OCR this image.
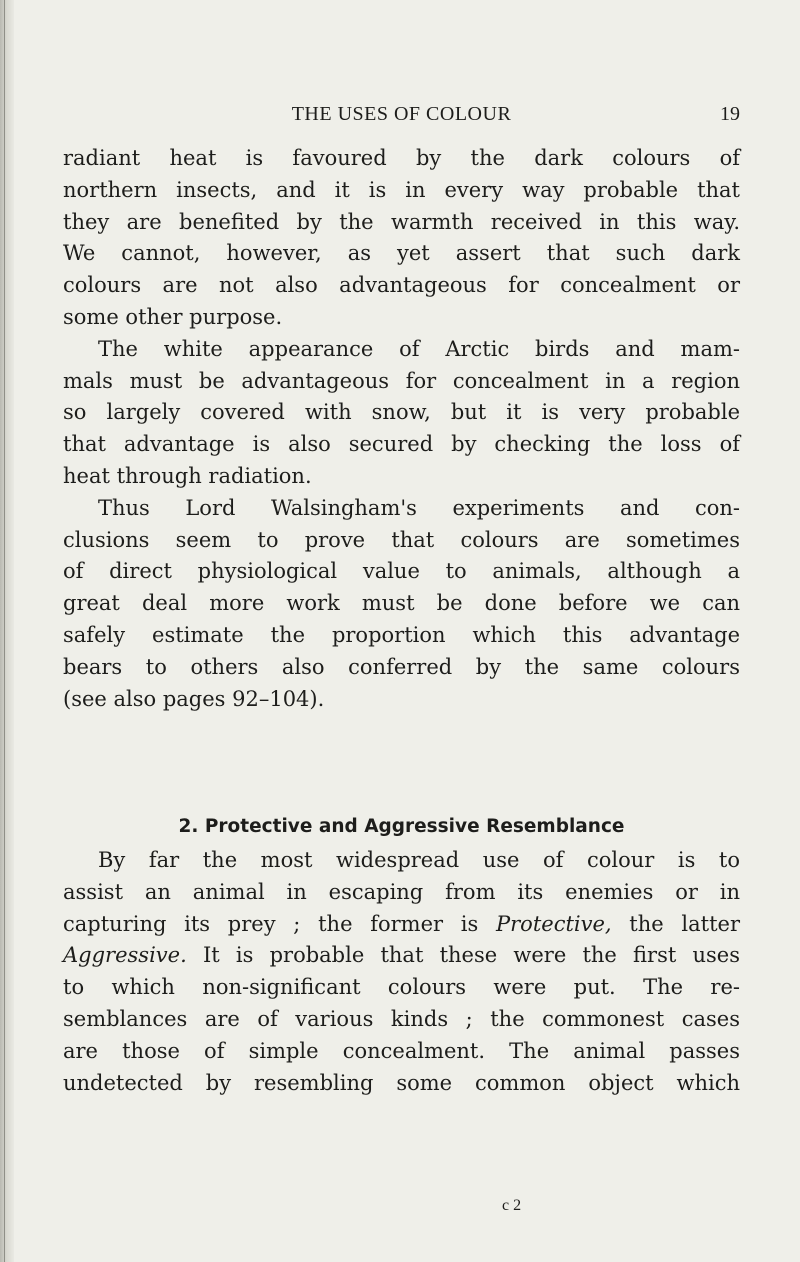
THE USES OF COLOUR	19
radiant heat is favoured by the dark colours of
northern insects, and it is in every way probable that
they are benefited by the warmth received in this way.
We cannot, however, as yet assert that such dark
colours are not also advantageous for concealment or
some other purpose.
The white appearance of Arctic birds and mam-
mals must be advantageous for concealment in a region
so largely covered with snow, but it is very probable
that advantage is also secured by checking the loss of
heat through radiation.
Thus Lord Walsingham's experiments and con-
clusions seem to prove that colours are sometimes
of direct physiological value to animals, although a
great deal more work must be done before we can
safely estimate the proportion which this advantage
bears to others also conferred by the same colours
(see also pages 92–104).
2. Protective and Aggressive Resemblance
By far the most widespread use of colour is to
assist an animal in escaping from its enemies or in
capturing its prey ; the former is Protective, the latter
Aggressive. It is probable that these were the first uses
to which non-significant colours were put. The re-
semblances are of various kinds ; the commonest cases
are those of simple concealment. The animal passes
undetected by resembling some common object which
c 2
